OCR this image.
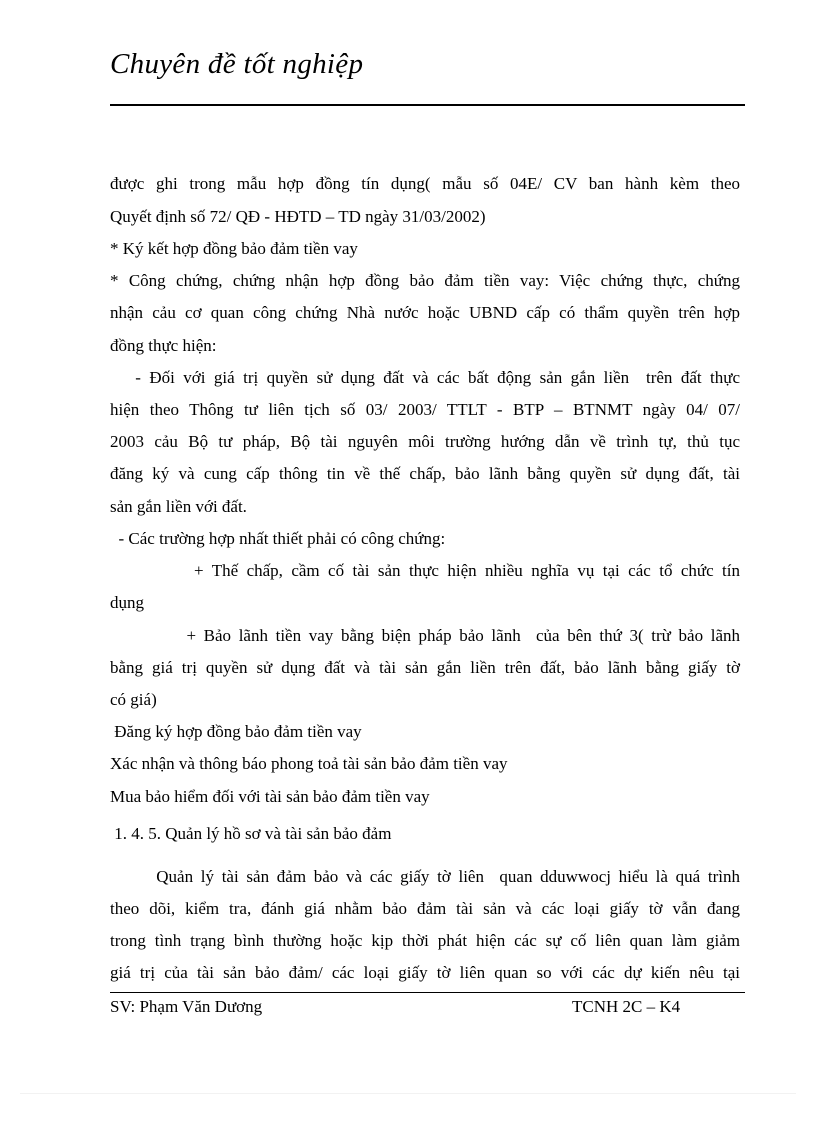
Chuyên đề tốt nghiệp
được ghi trong mẫu hợp đồng tín dụng( mẫu số 04E/ CV ban hành kèm theo
Quyết định số 72/ QĐ - HĐTD – TD ngày 31/03/2002)
* Ký kết hợp đồng bảo đảm tiền vay
* Công chứng, chứng nhận hợp đồng bảo đảm tiền vay: Việc chứng thực, chứng
nhận cảu cơ quan công chứng Nhà nước hoặc UBND cấp có thẩm quyền trên hợp
đồng thực hiện:
- Đối với giá trị quyền sử dụng đất và các bất động sản gắn liền  trên đất thực
hiện theo Thông tư liên tịch số 03/ 2003/ TTLT - BTP – BTNMT ngày 04/ 07/
2003 cảu Bộ tư pháp, Bộ tài nguyên môi trường hướng dẫn về trình tự, thủ tục
đăng ký và cung cấp thông tin về thế chấp, bảo lãnh bằng quyền sử dụng đất, tài
sản gắn liền với đất.
- Các trường hợp nhất thiết phải có công chứng:
+ Thế chấp, cầm cố tài sản thực hiện nhiều nghĩa vụ tại các tổ chức tín
dụng
+ Bảo lãnh tiền vay bằng biện pháp bảo lãnh  của bên thứ 3( trừ bảo lãnh
bằng giá trị quyền sử dụng đất và tài sản gắn liền trên đất, bảo lãnh bằng giấy tờ
có giá)
Đăng ký hợp đồng bảo đảm tiền vay
Xác nhận và thông báo phong toả tài sản bảo đảm tiền vay
Mua bảo hiểm đối với tài sản bảo đảm tiền vay
1. 4. 5. Quản lý hồ sơ và tài sản bảo đảm
Quản lý tài sản đảm bảo và các giấy tờ liên  quan dduwwocj hiểu là quá trình
theo dõi, kiểm tra, đánh giá nhằm bảo đảm tài sản và các loại giấy tờ vẫn đang
trong tình trạng bình thường hoặc kịp thời phát hiện các sự cố liên quan làm giảm
giá trị của tài sản bảo đảm/ các loại giấy tờ liên quan so với các dự kiến nêu tại
SV: Phạm Văn Dương	TCNH 2C – K4
